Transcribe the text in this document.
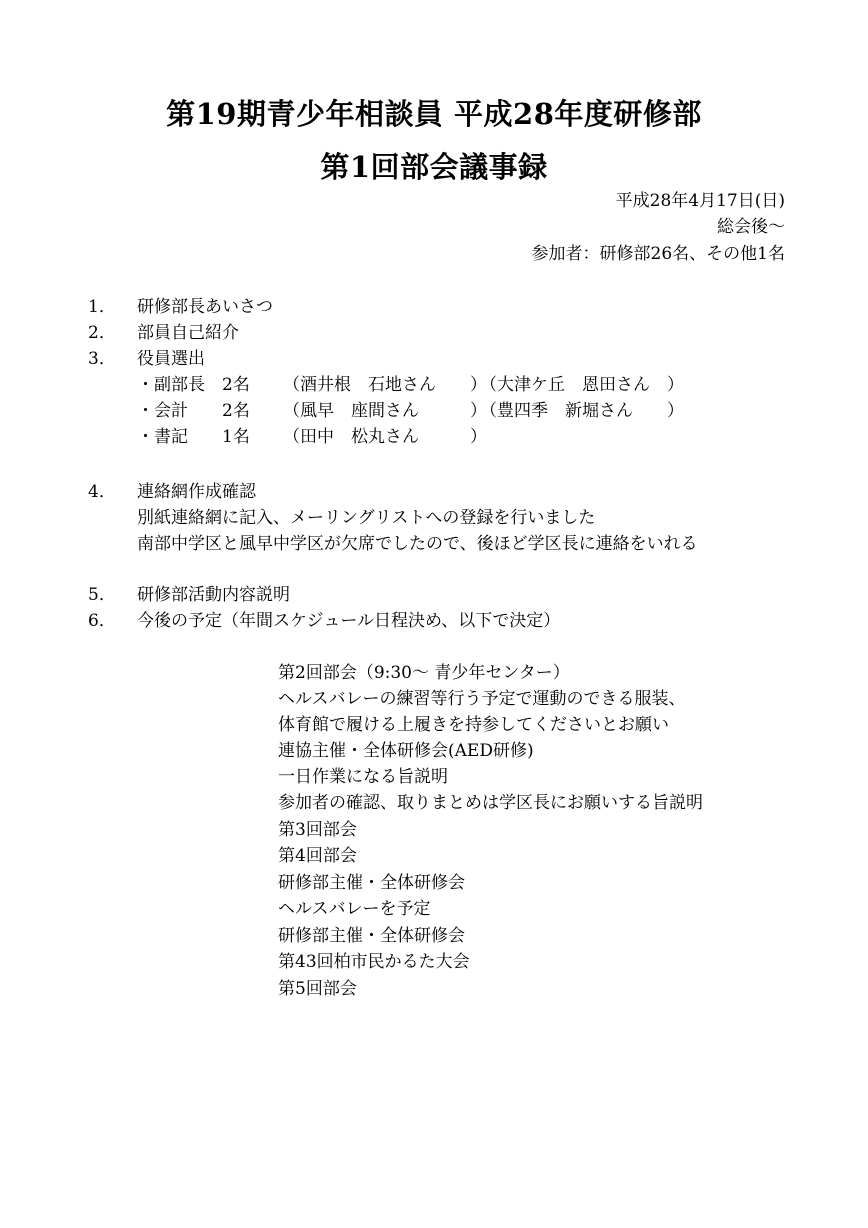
第19期青少年相談員 平成28年度研修部
第1回部会議事録
平成28年4月17日(日)
総会後～
参加者：研修部26名、その他1名
1． 研修部長あいさつ
2． 部員自己紹介
3． 役員選出
・副部長 2名 （酒井根　石地さん　　）
（大津ケ丘　恩田さん　）
・会計 2名 （風早　座間さん　　　）
（豊四季　新堀さん　　）
・書記 1名 （田中　松丸さん　　　）
4． 連絡網作成確認
別紙連絡網に記入、メーリングリストへの登録を行いました
南部中学区と風早中学区が欠席でしたので、後ほど学区長に連絡をいれる
5． 研修部活動内容説明
6． 今後の予定（年間スケジュール日程決め、以下で決定）
第2回部会（9:30～ 青少年センター）
ヘルスバレーの練習等行う予定で運動のできる服装、
体育館で履ける上履きを持参してくださいとお願い
連協主催・全体研修会(AED研修)
一日作業になる旨説明
参加者の確認、取りまとめは学区長にお願いする旨説明
第3回部会
第4回部会
研修部主催・全体研修会
ヘルスバレーを予定
研修部主催・全体研修会
第43回柏市民かるた大会
第5回部会
